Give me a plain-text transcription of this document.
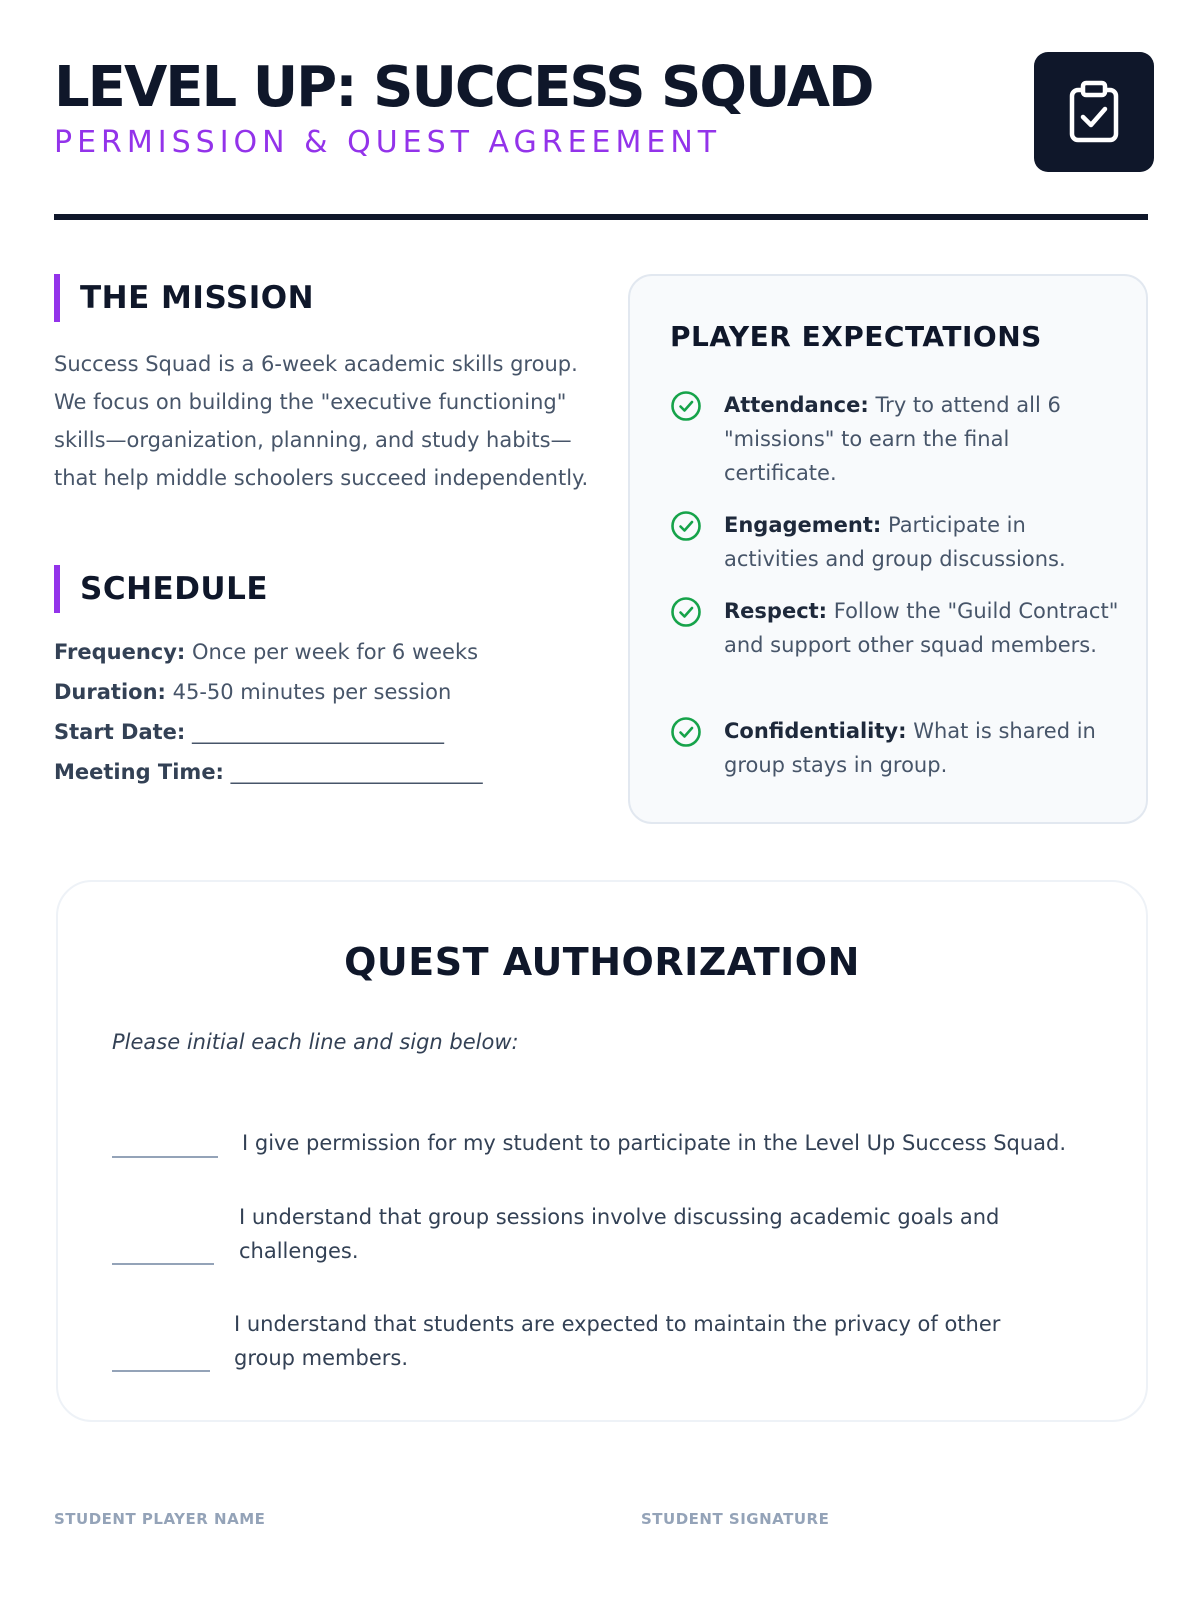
LEVEL UP: SUCCESS SQUAD
PERMISSION & QUEST AGREEMENT
THE MISSION
Success Squad is a 6-week academic skills group. We focus on building the "executive functioning" skills—organization, planning, and study habits—that help middle schoolers succeed independently.
SCHEDULE
Frequency: Once per week for 6 weeks
Duration: 45-50 minutes per session
Start Date: ________________________
Meeting Time: ________________________
PLAYER EXPECTATIONS
Attendance: Try to attend all 6 "missions" to earn the final certificate.
Engagement: Participate in activities and group discussions.
Respect: Follow the "Guild Contract" and support other squad members.
Confidentiality: What is shared in group stays in group.
QUEST AUTHORIZATION
Please initial each line and sign below:
I give permission for my student to participate in the Level Up Success Squad.
I understand that group sessions involve discussing academic goals and challenges.
I understand that students are expected to maintain the privacy of other group members.
STUDENT PLAYER NAME	STUDENT SIGNATURE
